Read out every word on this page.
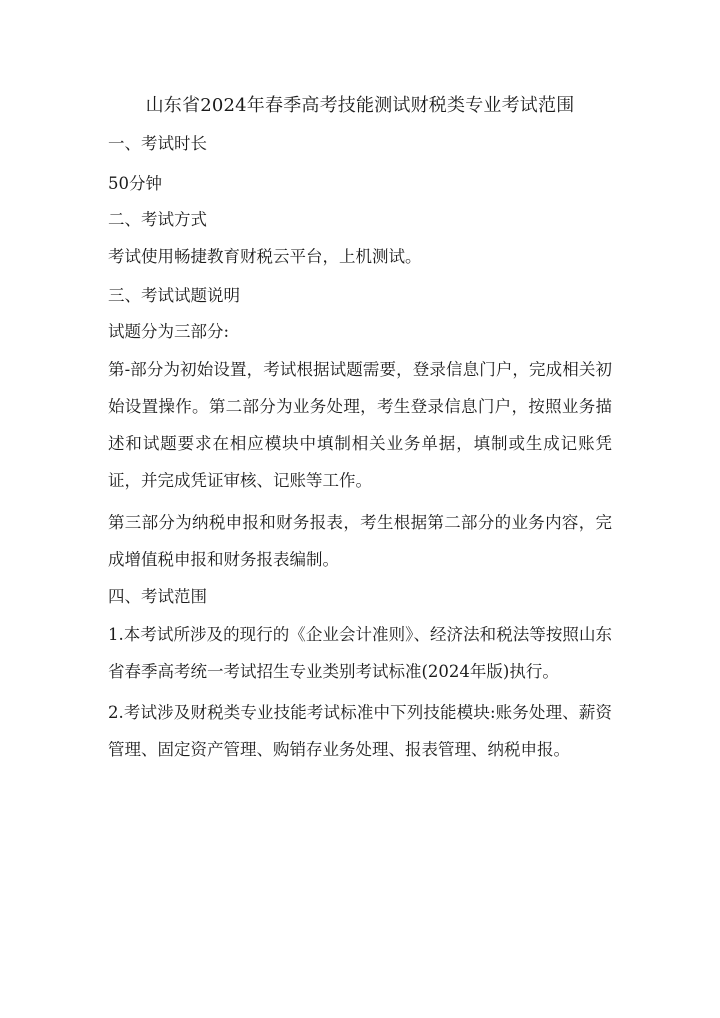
山东省2024年春季高考技能测试财税类专业考试范围
一、考试时长
50分钟
二、考试方式
考试使用畅捷教育财税云平台，上机测试。
三、考试试题说明
试题分为三部分:
第-部分为初始设置，考试根据试题需要，登录信息门户，完成相关初始设置操作。第二部分为业务处理，考生登录信息门户，按照业务描述和试题要求在相应模块中填制相关业务单据，填制或生成记账凭证，并完成凭证审核、记账等工作。
第三部分为纳税申报和财务报表，考生根据第二部分的业务内容，完成增值税申报和财务报表编制。
四、考试范围
1.本考试所涉及的现行的《企业会计准则》、经济法和税法等按照山东省春季高考统一考试招生专业类别考试标准(2024年版)执行。
2.考试涉及财税类专业技能考试标准中下列技能模块:账务处理、薪资管理、固定资产管理、购销存业务处理、报表管理、纳税申报。
